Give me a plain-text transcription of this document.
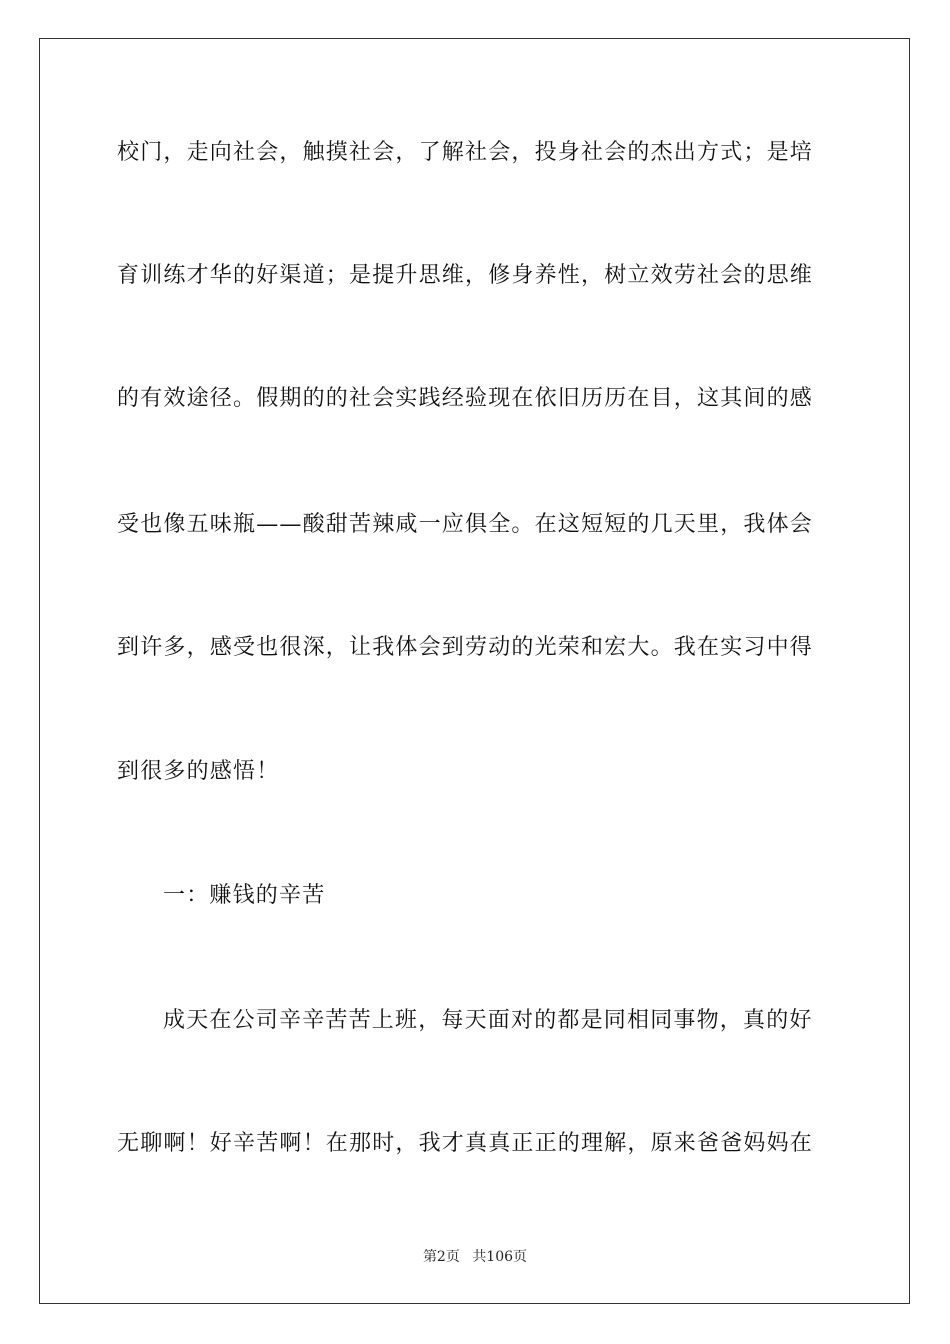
校门，走向社会，触摸社会，了解社会，投身社会的杰出方式；是培
育训练才华的好渠道；是提升思维，修身养性，树立效劳社会的思维
的有效途径。假期的的社会实践经验现在依旧历历在目，这其间的感
受也像五味瓶——酸甜苦辣咸一应俱全。在这短短的几天里，我体会
到许多，感受也很深，让我体会到劳动的光荣和宏大。我在实习中得
到很多的感悟！
一：赚钱的辛苦
成天在公司辛辛苦苦上班，每天面对的都是同相同事物，真的好
无聊啊！好辛苦啊！在那时，我才真真正正的理解，原来爸爸妈妈在
第2页 共106页
